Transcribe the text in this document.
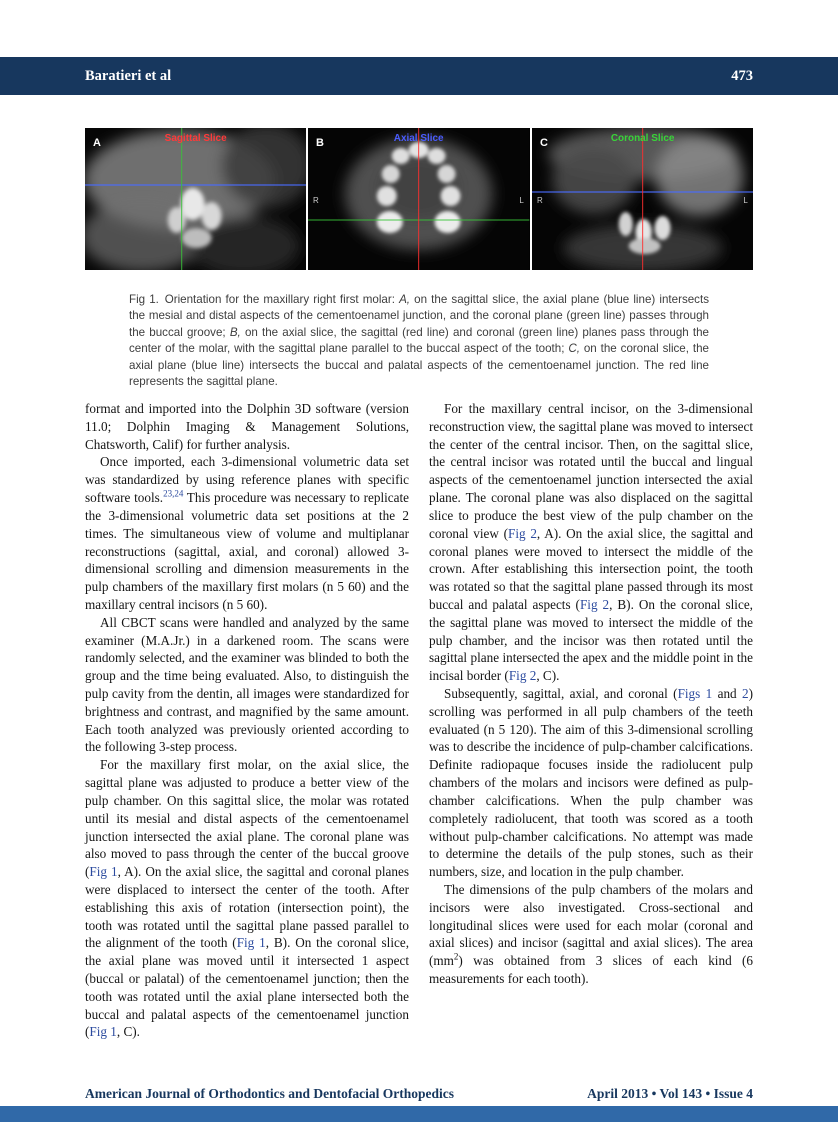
Baratieri et al	473
A	Sagittal Slice
R	L
B	Axial Slice
R	L
C	Coronal Slice

Fig 1. Orientation for the maxillary right first molar: A, on the sagittal slice, the axial plane (blue line) intersects the mesial and distal aspects of the cementoenamel junction, and the coronal plane (green line) passes through the buccal groove; B, on the axial slice, the sagittal (red line) and coronal (green line) planes pass through the center of the molar, with the sagittal plane parallel to the buccal aspect of the tooth; C, on the coronal slice, the axial plane (blue line) intersects the buccal and palatal aspects of the cementoenamel junction. The red line represents the sagittal plane.

format and imported into the Dolphin 3D software (version 11.0; Dolphin Imaging & Management Solutions, Chatsworth, Calif) for further analysis.

Once imported, each 3-dimensional volumetric data set was standardized by using reference planes with specific software tools.$^{23,24}$ This procedure was necessary to replicate the 3-dimensional volumetric data set positions at the 2 times. The simultaneous view of volume and multiplanar reconstructions (sagittal, axial, and coronal) allowed 3-dimensional scrolling and dimension measurements in the pulp chambers of the maxillary first molars (n 5 60) and the maxillary central incisors (n 5 60).

All CBCT scans were handled and analyzed by the same examiner (M.A.Jr.) in a darkened room. The scans were randomly selected, and the examiner was blinded to both the group and the time being evaluated. Also, to distinguish the pulp cavity from the dentin, all images were standardized for brightness and contrast, and magnified by the same amount. Each tooth analyzed was previously oriented according to the following 3-step process.

For the maxillary first molar, on the axial slice, the sagittal plane was adjusted to produce a better view of the pulp chamber. On this sagittal slice, the molar was rotated until its mesial and distal aspects of the cementoenamel junction intersected the axial plane. The coronal plane was also moved to pass through the center of the buccal groove (Fig 1, A). On the axial slice, the sagittal and coronal planes were displaced to intersect the center of the tooth. After establishing this axis of rotation (intersection point), the tooth was rotated until the sagittal plane passed parallel to the alignment of the tooth (Fig 1, B). On the coronal slice, the axial plane was moved until it intersected 1 aspect (buccal or palatal) of the cementoenamel junction; then the tooth was rotated until the axial plane intersected both the buccal and palatal aspects of the cementoenamel junction (Fig 1, C).

For the maxillary central incisor, on the 3-dimensional reconstruction view, the sagittal plane was moved to intersect the center of the central incisor. Then, on the sagittal slice, the central incisor was rotated until the buccal and lingual aspects of the cementoenamel junction intersected the axial plane. The coronal plane was also displaced on the sagittal slice to produce the best view of the pulp chamber on the coronal view (Fig 2, A). On the axial slice, the sagittal and coronal planes were moved to intersect the middle of the crown. After establishing this intersection point, the tooth was rotated so that the sagittal plane passed through its most buccal and palatal aspects (Fig 2, B). On the coronal slice, the sagittal plane was moved to intersect the middle of the pulp chamber, and the incisor was then rotated until the sagittal plane intersected the apex and the middle point in the incisal border (Fig 2, C).

Subsequently, sagittal, axial, and coronal (Figs 1 and 2) scrolling was performed in all pulp chambers of the teeth evaluated (n 5 120). The aim of this 3-dimensional scrolling was to describe the incidence of pulp-chamber calcifications. Definite radiopaque focuses inside the radiolucent pulp chambers of the molars and incisors were defined as pulp-chamber calcifications. When the pulp chamber was completely radiolucent, that tooth was scored as a tooth without pulp-chamber calcifications. No attempt was made to determine the details of the pulp stones, such as their numbers, size, and location in the pulp chamber.

The dimensions of the pulp chambers of the molars and incisors were also investigated. Cross-sectional and longitudinal slices were used for each molar (coronal and axial slices) and incisor (sagittal and axial slices). The area $(mm^2)$ was obtained from 3 slices of each kind (6 measurements for each tooth).

American Journal of Orthodontics and Dentofacial Orthopedics	April 2013 • Vol 143 • Issue 4
